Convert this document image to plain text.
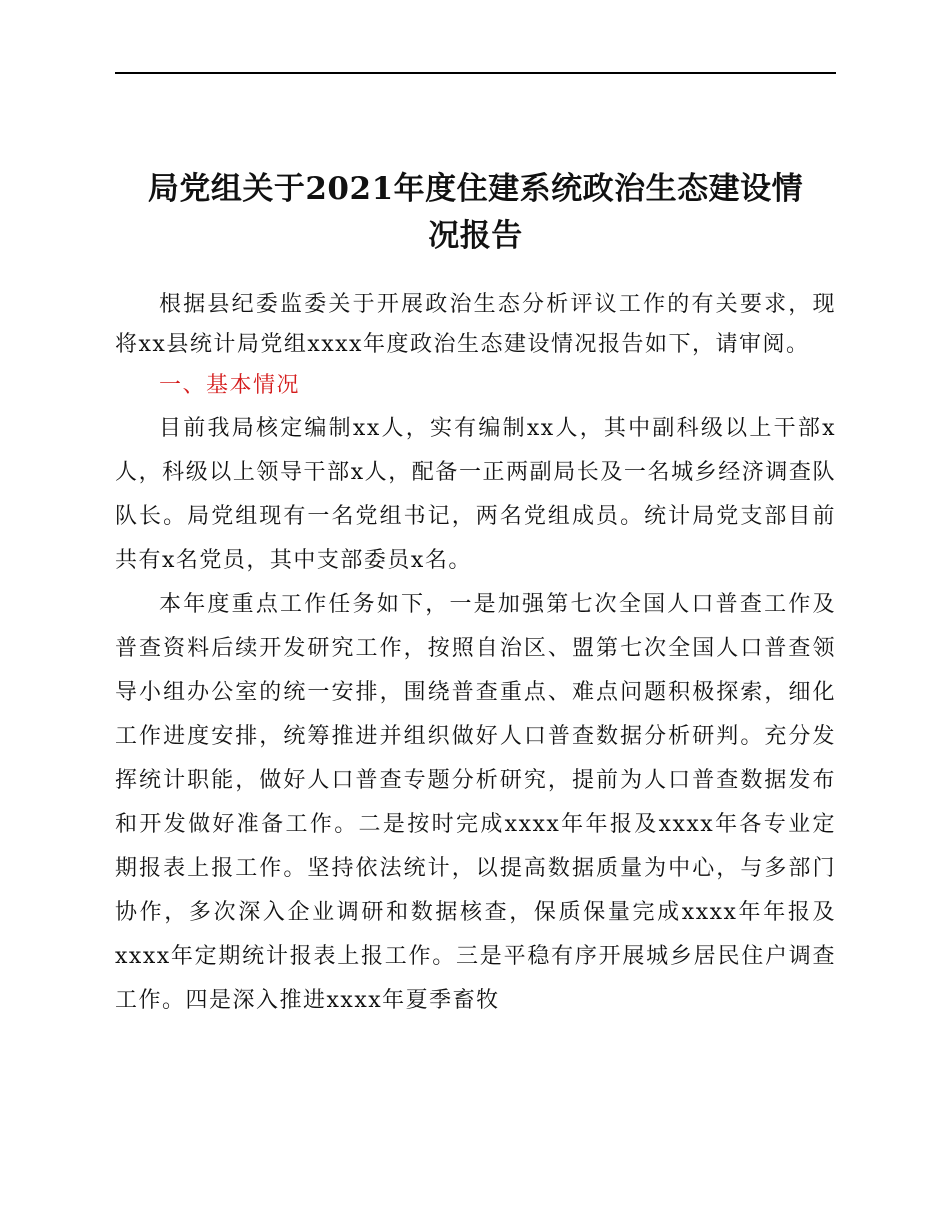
局党组关于2021年度住建系统政治生态建设情
况报告

根据县纪委监委关于开展政治生态分析评议工作的有关要求，现将xx县统计局党组xxxx年度政治生态建设情况报告如下，请审阅。

一、基本情况

目前我局核定编制xx人，实有编制xx人，其中副科级以上干部x人，科级以上领导干部x人，配备一正两副局长及一名城乡经济调查队队长。局党组现有一名党组书记，两名党组成员。统计局党支部目前共有x名党员，其中支部委员x名。

本年度重点工作任务如下，一是加强第七次全国人口普查工作及普查资料后续开发研究工作，按照自治区、盟第七次全国人口普查领导小组办公室的统一安排，围绕普查重点、难点问题积极探索，细化工作进度安排，统筹推进并组织做好人口普查数据分析研判。充分发挥统计职能，做好人口普查专题分析研究，提前为人口普查数据发布和开发做好准备工作。二是按时完成xxxx年年报及xxxx年各专业定期报表上报工作。坚持依法统计，以提高数据质量为中心，与多部门协作，多次深入企业调研和数据核查，保质保量完成xxxx年年报及xxxx年定期统计报表上报工作。三是平稳有序开展城乡居民住户调查工作。四是深入推进xxxx年夏季畜牧
